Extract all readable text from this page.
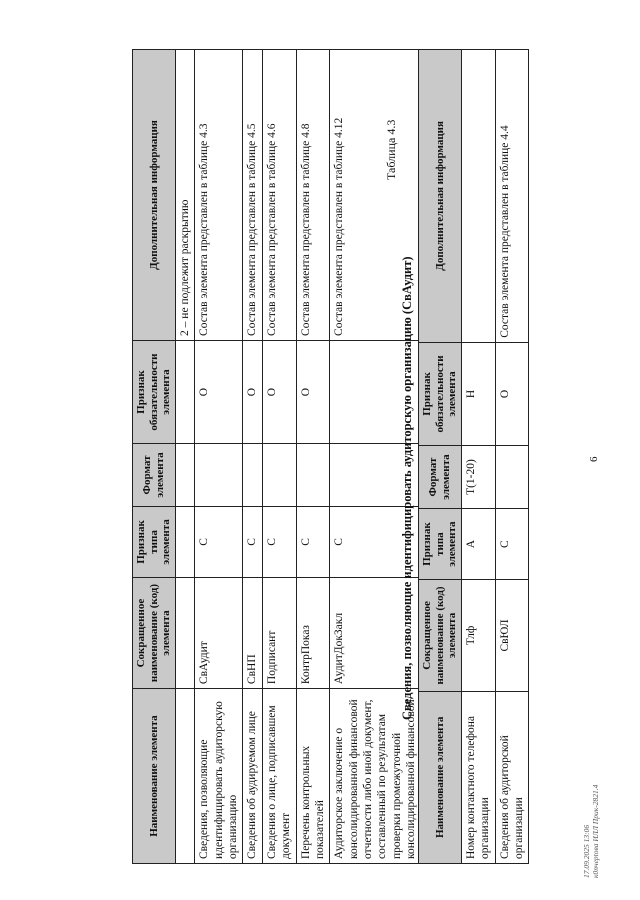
6
Наименование элемента	Сокращенное наименование (код) элемента	Признак типа элемента	Формат элемента	Признак обязательности элемента	Дополнительная информация
					2 – не подлежит раскрытию
Сведения, позволяющие идентифицировать аудиторскую организацию	СвАудит	С		О	Состав элемента представлен в таблице 4.3
Сведения об аудируемом лице	СвНП	С		О	Состав элемента представлен в таблице 4.5
Сведения о лице, подписавшем документ	Подписант	С		О	Состав элемента представлен в таблице 4.6
Перечень контрольных показателей	КонтрПоказ	С		О	Состав элемента представлен в таблице 4.8
Аудиторское заключение о консолидированной финансовой отчетности либо иной документ, составленный по результатам проверки промежуточной консолидированной финансовой	АудитДокЗакл	С			Состав элемента представлен в таблице 4.12	Таблица 4.3
Сведения, позволяющие идентифицировать аудиторскую организацию (СвАудит)
Наименование элемента	Сокращенное наименование (код) элемента	Признак типа элемента	Формат элемента	Признак обязательности элемента	Дополнительная информация
Номер контактного телефона организации	Тлф	А	T(1-20)	Н	
Сведения об аудиторской организации	СвЮЛ	С		О	Состав элемента представлен в таблице 4.4
17.09.2025 13:06 к0пчерtова ИЛЛ Прик-2821.4
